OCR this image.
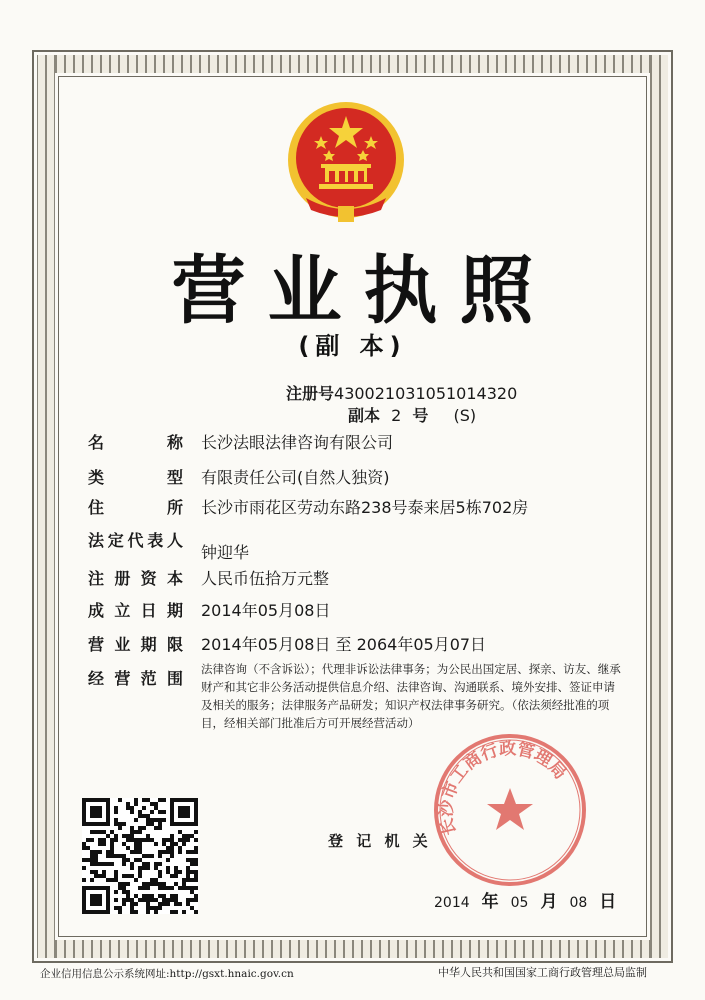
营业执照
(副 本)
注册号430021031051014320
副本 2 号 (S)
名	称 长沙法眼法律咨询有限公司
类	型 有限责任公司(自然人独资)
住	所 长沙市雨花区劳动东路238号泰来居5栋702房
法 定 代 表 人
钟迎华
注 册 资 本 人民币伍拾万元整
成 立 日 期 2014年05月08日
营 业 期 限 2014年05月08日 至 2064年05月07日
经 营 范 围 法律咨询（不含诉讼）；代理非诉讼法律事务；为公民出国定居、探亲、访友、继承财产和其它非公务活动提供信息介绍、法律咨询、沟通联系、境外安排、签证申请及相关的服务；法律服务产品研发；知识产权法律事务研究。（依法须经批准的项目，经相关部门批准后方可开展经营活动）
登 记 机 关
2014 年 05 月 08 日
长沙市工商行政管理局
企业信用信息公示系统网址:http://gsxt.hnaic.gov.cn	中华人民共和国国家工商行政管理总局监制
